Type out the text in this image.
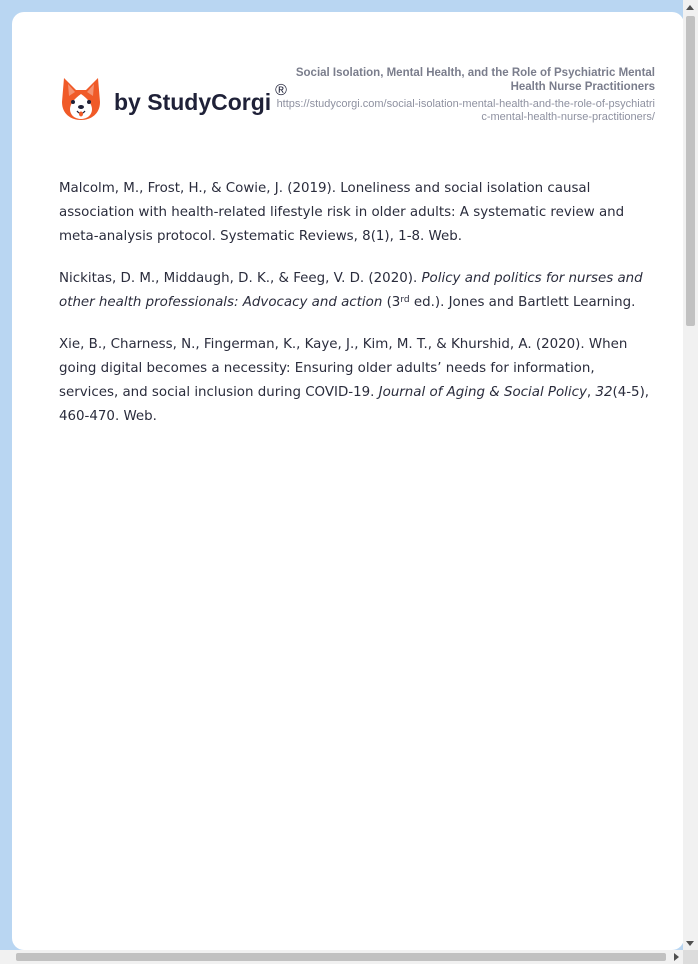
by StudyCorgi ®
Social Isolation, Mental Health, and the Role of Psychiatric Mental Health Nurse Practitioners
https://studycorgi.com/social-isolation-mental-health-and-the-role-of-psychiatric-mental-health-nurse-practitioners/

Malcolm, M., Frost, H., & Cowie, J. (2019). Loneliness and social isolation causal association with health-related lifestyle risk in older adults: A systematic review and meta-analysis protocol. Systematic Reviews, 8(1), 1-8. Web.

Nickitas, D. M., Middaugh, D. K., & Feeg, V. D. (2020). Policy and politics for nurses and other health professionals: Advocacy and action (3rd ed.). Jones and Bartlett Learning.

Xie, B., Charness, N., Fingerman, K., Kaye, J., Kim, M. T., & Khurshid, A. (2020). When going digital becomes a necessity: Ensuring older adults’ needs for information, services, and social inclusion during COVID-19. Journal of Aging & Social Policy, 32(4-5), 460-470. Web.
